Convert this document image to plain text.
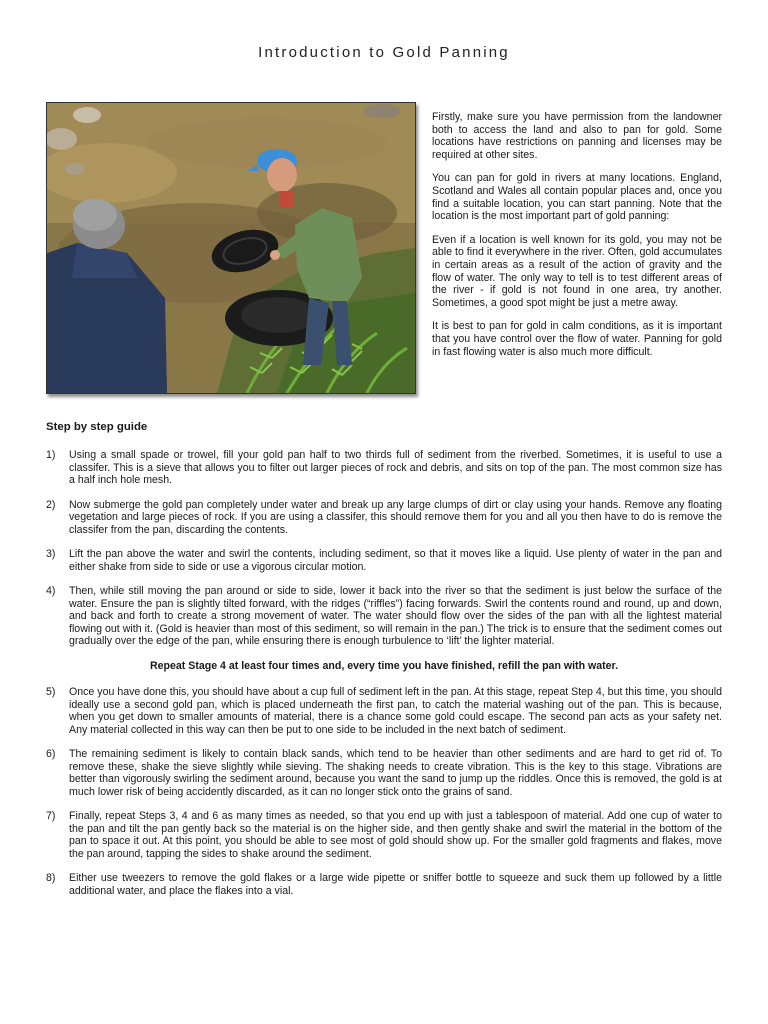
Introduction to Gold Panning

Firstly, make sure you have permission from the landowner both to access the land and also to pan for gold. Some locations have restrictions on panning and licenses may be required at other sites.

You can pan for gold in rivers at many locations. England, Scotland and Wales all contain popular places and, once you find a suitable location, you can start panning. Note that the location is the most important part of gold panning:

Even if a location is well known for its gold, you may not be able to find it everywhere in the river. Often, gold accumulates in certain areas as a result of the action of gravity and the flow of water. The only way to tell is to test different areas of the river - if gold is not found in one area, try another. Sometimes, a good spot might be just a metre away.

It is best to pan for gold in calm conditions, as it is important that you have control over the flow of water. Panning for gold in fast flowing water is also much more difficult.

Step by step guide
1)	Using a small spade or trowel, fill your gold pan half to two thirds full of sediment from the riverbed. Sometimes, it is useful to use a classifer. This is a sieve that allows you to filter out larger pieces of rock and debris, and sits on top of the pan. The most common size has a half inch hole mesh.
2)	Now submerge the gold pan completely under water and break up any large clumps of dirt or clay using your hands. Remove any floating vegetation and large pieces of rock. If you are using a classifer, this should remove them for you and all you then have to do is remove the classifer from the pan, discarding the contents.
3)	Lift the pan above the water and swirl the contents, including sediment, so that it moves like a liquid. Use plenty of water in the pan and either shake from side to side or use a vigorous circular motion.
4)	Then, while still moving the pan around or side to side, lower it back into the river so that the sediment is just below the surface of the water. Ensure the pan is slightly tilted forward, with the ridges (“riffles”) facing forwards. Swirl the contents round and round, up and down, and back and forth to create a strong movement of water. The water should flow over the sides of the pan with all the lightest material flowing out with it. (Gold is heavier than most of this sediment, so will remain in the pan.) The trick is to ensure that the sediment comes out gradually over the edge of the pan, while ensuring there is enough turbulence to ‘lift’ the lighter material.
Repeat Stage 4 at least four times and, every time you have finished, refill the pan with water.
5)	Once you have done this, you should have about a cup full of sediment left in the pan. At this stage, repeat Step 4, but this time, you should ideally use a second gold pan, which is placed underneath the first pan, to catch the material washing out of the pan. This is because, when you get down to smaller amounts of material, there is a chance some gold could escape. The second pan acts as your safety net. Any material collected in this way can then be put to one side to be included in the next batch of sediment.
6)	The remaining sediment is likely to contain black sands, which tend to be heavier than other sediments and are hard to get rid of. To remove these, shake the sieve slightly while sieving. The shaking needs to create vibration. This is the key to this stage. Vibrations are better than vigorously swirling the sediment around, because you want the sand to jump up the riddles. Once this is removed, the gold is at much lower risk of being accidently discarded, as it can no longer stick onto the grains of sand.
7)	Finally, repeat Steps 3, 4 and 6 as many times as needed, so that you end up with just a tablespoon of material. Add one cup of water to the pan and tilt the pan gently back so the material is on the higher side, and then gently shake and swirl the material in the bottom of the pan to space it out. At this point, you should be able to see most of gold should show up. For the smaller gold fragments and flakes, move the pan around, tapping the sides to shake around the sediment.
8)	Either use tweezers to remove the gold flakes or a large wide pipette or sniffer bottle to squeeze and suck them up followed by a little additional water, and place the flakes into a vial.
